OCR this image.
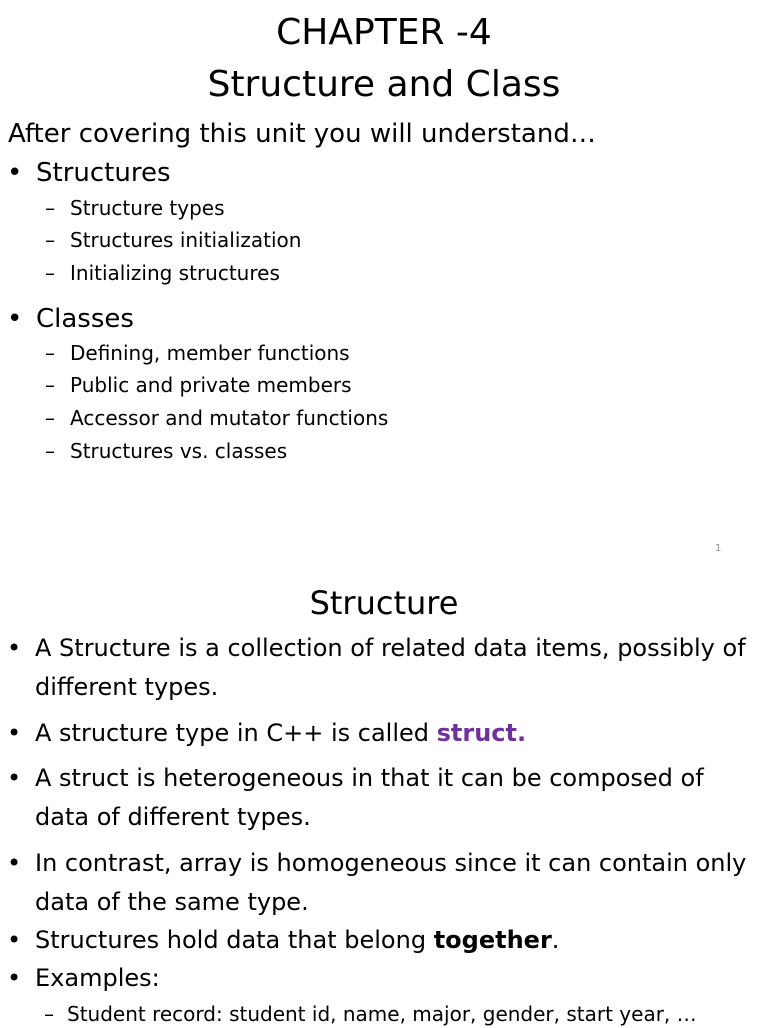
CHAPTER -4
Structure and Class
After covering this unit you will understand…
• Structures
– Structure types
– Structures initialization
– Initializing structures
• Classes
– Defining, member functions
– Public and private members
– Accessor and mutator functions
– Structures vs. classes
1
Structure
• A Structure is a collection of related data items, possibly of different types.
• A structure type in C++ is called struct.
• A struct is heterogeneous in that it can be composed of data of different types.
• In contrast, array is homogeneous since it can contain only data of the same type.
• Structures hold data that belong together.
• Examples:
– Student record: student id, name, major, gender, start year, …
